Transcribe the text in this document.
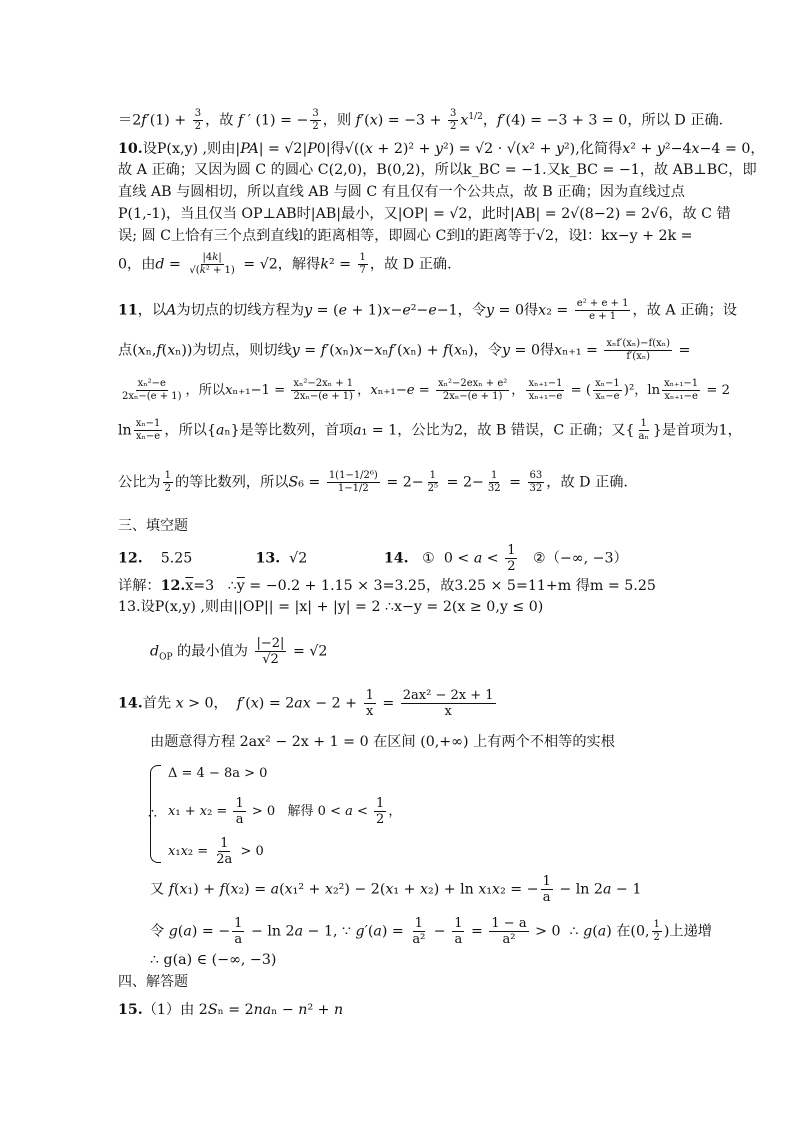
$=2f'(1) + \frac{3}{2}$ ，故 f ′ (1) = − $\frac{3}{2}$ ，则 $f'(x) = -3 + \frac{3}{2} x^{1/2}$，f′(4) = −3 + 3 = 0，所以 D 正确.
10.设P(x,y) ,则由|PA| = √2|P0|得√((x + 2)² + y²) = √2 · √(x² + y²),化简得x² + y²−4x−4 = 0，
故 A 正确；又因为圆 C 的圆心 C(2,0)，B(0,2)，所以k_BC = −1.又k_BC = −1，故 AB⊥BC，即
直线 AB 与圆相切，所以直线 AB 与圆 C 有且仅有一个公共点，故 B 正确；因为直线过点
P(1,-1)，当且仅当 OP⊥AB时|AB|最小，又|OP| = √2，此时|AB| = 2√(8−2) = 2√6，故 C 错
误; 圆 C上恰有三个点到直线l的距离相等，即圆心 C到l的距离等于√2，设l：kx−y + 2k =
0，由$d = \frac{|4k|}{\text{√(k² + 1)}} = √2$，解得$k^2 = \frac{1}{7}$ ，故 D 正确.
11，以A为切点的切线方程为y = (e + 1)x−e²−e−1，令y = 0得$x_2 = \frac{\text{e² + e + 1}}{e + 1}$ ，故 A 正确；设
点(xₙ,f(xₙ))为切点，则切线y = f′(xₙ)x−xₙf′(xₙ) + f(xₙ)，令y = 0得$x_{n+1} = \frac{\text{xₙf′(xₙ)−f(xₙ)}}{\text{f′(xₙ)}}$ =
$\frac{\text{xₙ²−e}}{\text{2xₙ−(e + 1)}}$ ，所以$x_{n+1}-1 = \frac{\text{xₙ²−2xₙ + 1}}{\text{2xₙ−(e + 1)}}$ ，$x_{n+1}-e = \frac{\text{xₙ²−2exₙ + e²}}{\text{2xₙ−(e + 1)}}$ ， $\frac{\text{xₙ₊₁−1}}{\text{xₙ₊₁−e}}$ = ( $\frac{\text{xₙ−1}}{\text{xₙ−e}} )^2$，$\ln \frac{\text{xₙ₊₁−1}}{\text{xₙ₊₁−e}} = 2$
$\ln \frac{\text{xₙ−1}}{\text{xₙ−e}}$ ，所以{aₙ}是等比数列，首项a₁ = 1，公比为2，故 B 错误，C 正确；又{ $\frac{1}{\text{aₙ}}$ }是首项为1，
公比为 $\frac{1}{2}$ 的等比数列，所以$S_6 = \frac{\text{1(1−1/2⁶)}}{1-1/2} = 2- \frac{1}{\text{2⁵}} = 2- \frac{1}{32} = \frac{63}{32}$ ，故 D 正确.
三、填空题
12.    5.25              13.  √2                 14.   ①  $0 < a < \frac{1}{2}$ ②（−∞, −3）
详解：$12.\overline{x}=3$   $\therefore\overline{y} = -0.2 + 1.15 \times 3=3.25$，故3.25 × 5=11+m 得m = 5.25
13.设P(x,y) ,则由||OP|| = |x| + |y| = 2 ∴x−y = 2(x ≥ 0,y ≤ 0)
$d_{OP}$ 的最小值为 $\frac{|-2|}{√2} = √2$
14.首先 x > 0，  $f'(x) = 2ax - 2 + \frac{1}{x} = \frac{\text{2ax² − 2x + 1}}{x}$
由题意得方程 2ax² − 2x + 1 = 0 在区间 (0,+∞) 上有两个不相等的实根
∴
Δ = 4 − 8a > 0
$x_1 + x_2 = \frac{1}{a} > 0$   解得 $0 < a < \frac{1}{2}$ ，
$x_1x_2 = \frac{1}{2a} > 0$
又 f(x₁) + f(x₂) = a(x₁² + x₂²) − 2(x₁ + x₂) + ln x₁x₂ = − $\frac{1}{a} - \ln 2a - 1$
令 g(a) = − $\frac{1}{a} - \ln 2a - 1$, ∵ $g'(a) = \frac{1}{\text{a²}} - \frac{1}{a} = \frac{1 - a}{\text{a²}} > 0$  ∴ g(a) 在(0, $\frac{1}{2}$ )上递增
∴ g(a) ∈ (−∞, −3)
四、解答题
15.（1）由 2Sₙ = 2naₙ − n² + n
